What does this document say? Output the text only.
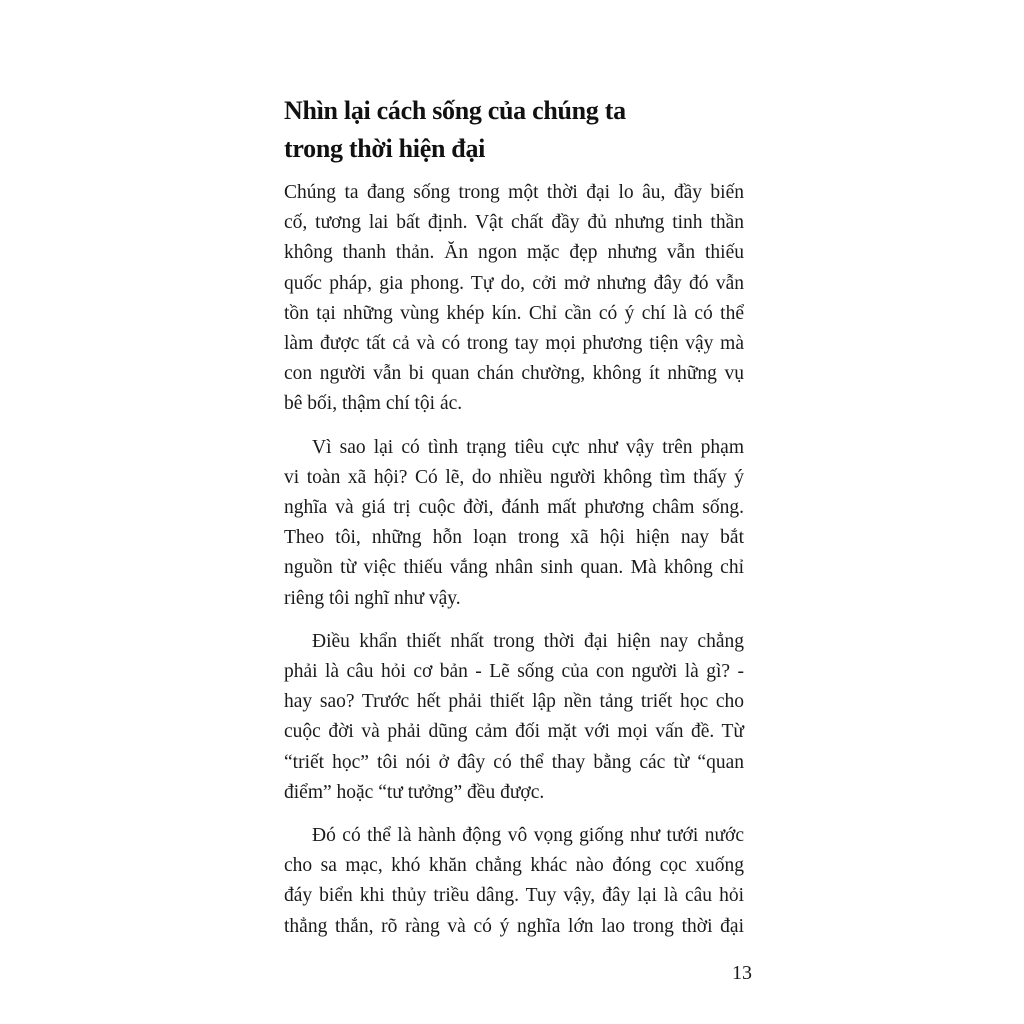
Nhìn lại cách sống của chúng ta
trong thời hiện đại

Chúng ta đang sống trong một thời đại lo âu, đầy biến
cố, tương lai bất định. Vật chất đầy đủ nhưng tinh thần
không thanh thản. Ăn ngon mặc đẹp nhưng vẫn thiếu
quốc pháp, gia phong. Tự do, cởi mở nhưng đây đó vẫn
tồn tại những vùng khép kín. Chỉ cần có ý chí là có thể
làm được tất cả và có trong tay mọi phương tiện vậy mà
con người vẫn bi quan chán chường, không ít những vụ
bê bối, thậm chí tội ác.

Vì sao lại có tình trạng tiêu cực như vậy trên phạm
vi toàn xã hội? Có lẽ, do nhiều người không tìm thấy ý
nghĩa và giá trị cuộc đời, đánh mất phương châm sống.
Theo tôi, những hỗn loạn trong xã hội hiện nay bắt
nguồn từ việc thiếu vắng nhân sinh quan. Mà không chỉ
riêng tôi nghĩ như vậy.

Điều khẩn thiết nhất trong thời đại hiện nay chẳng
phải là câu hỏi cơ bản - Lẽ sống của con người là gì? -
hay sao? Trước hết phải thiết lập nền tảng triết học cho
cuộc đời và phải dũng cảm đối mặt với mọi vấn đề. Từ
“triết học” tôi nói ở đây có thể thay bằng các từ “quan
điểm” hoặc “tư tưởng” đều được.

Đó có thể là hành động vô vọng giống như tưới nước
cho sa mạc, khó khăn chẳng khác nào đóng cọc xuống
đáy biển khi thủy triều dâng. Tuy vậy, đây lại là câu hỏi
thẳng thắn, rõ ràng và có ý nghĩa lớn lao trong thời đại

13
